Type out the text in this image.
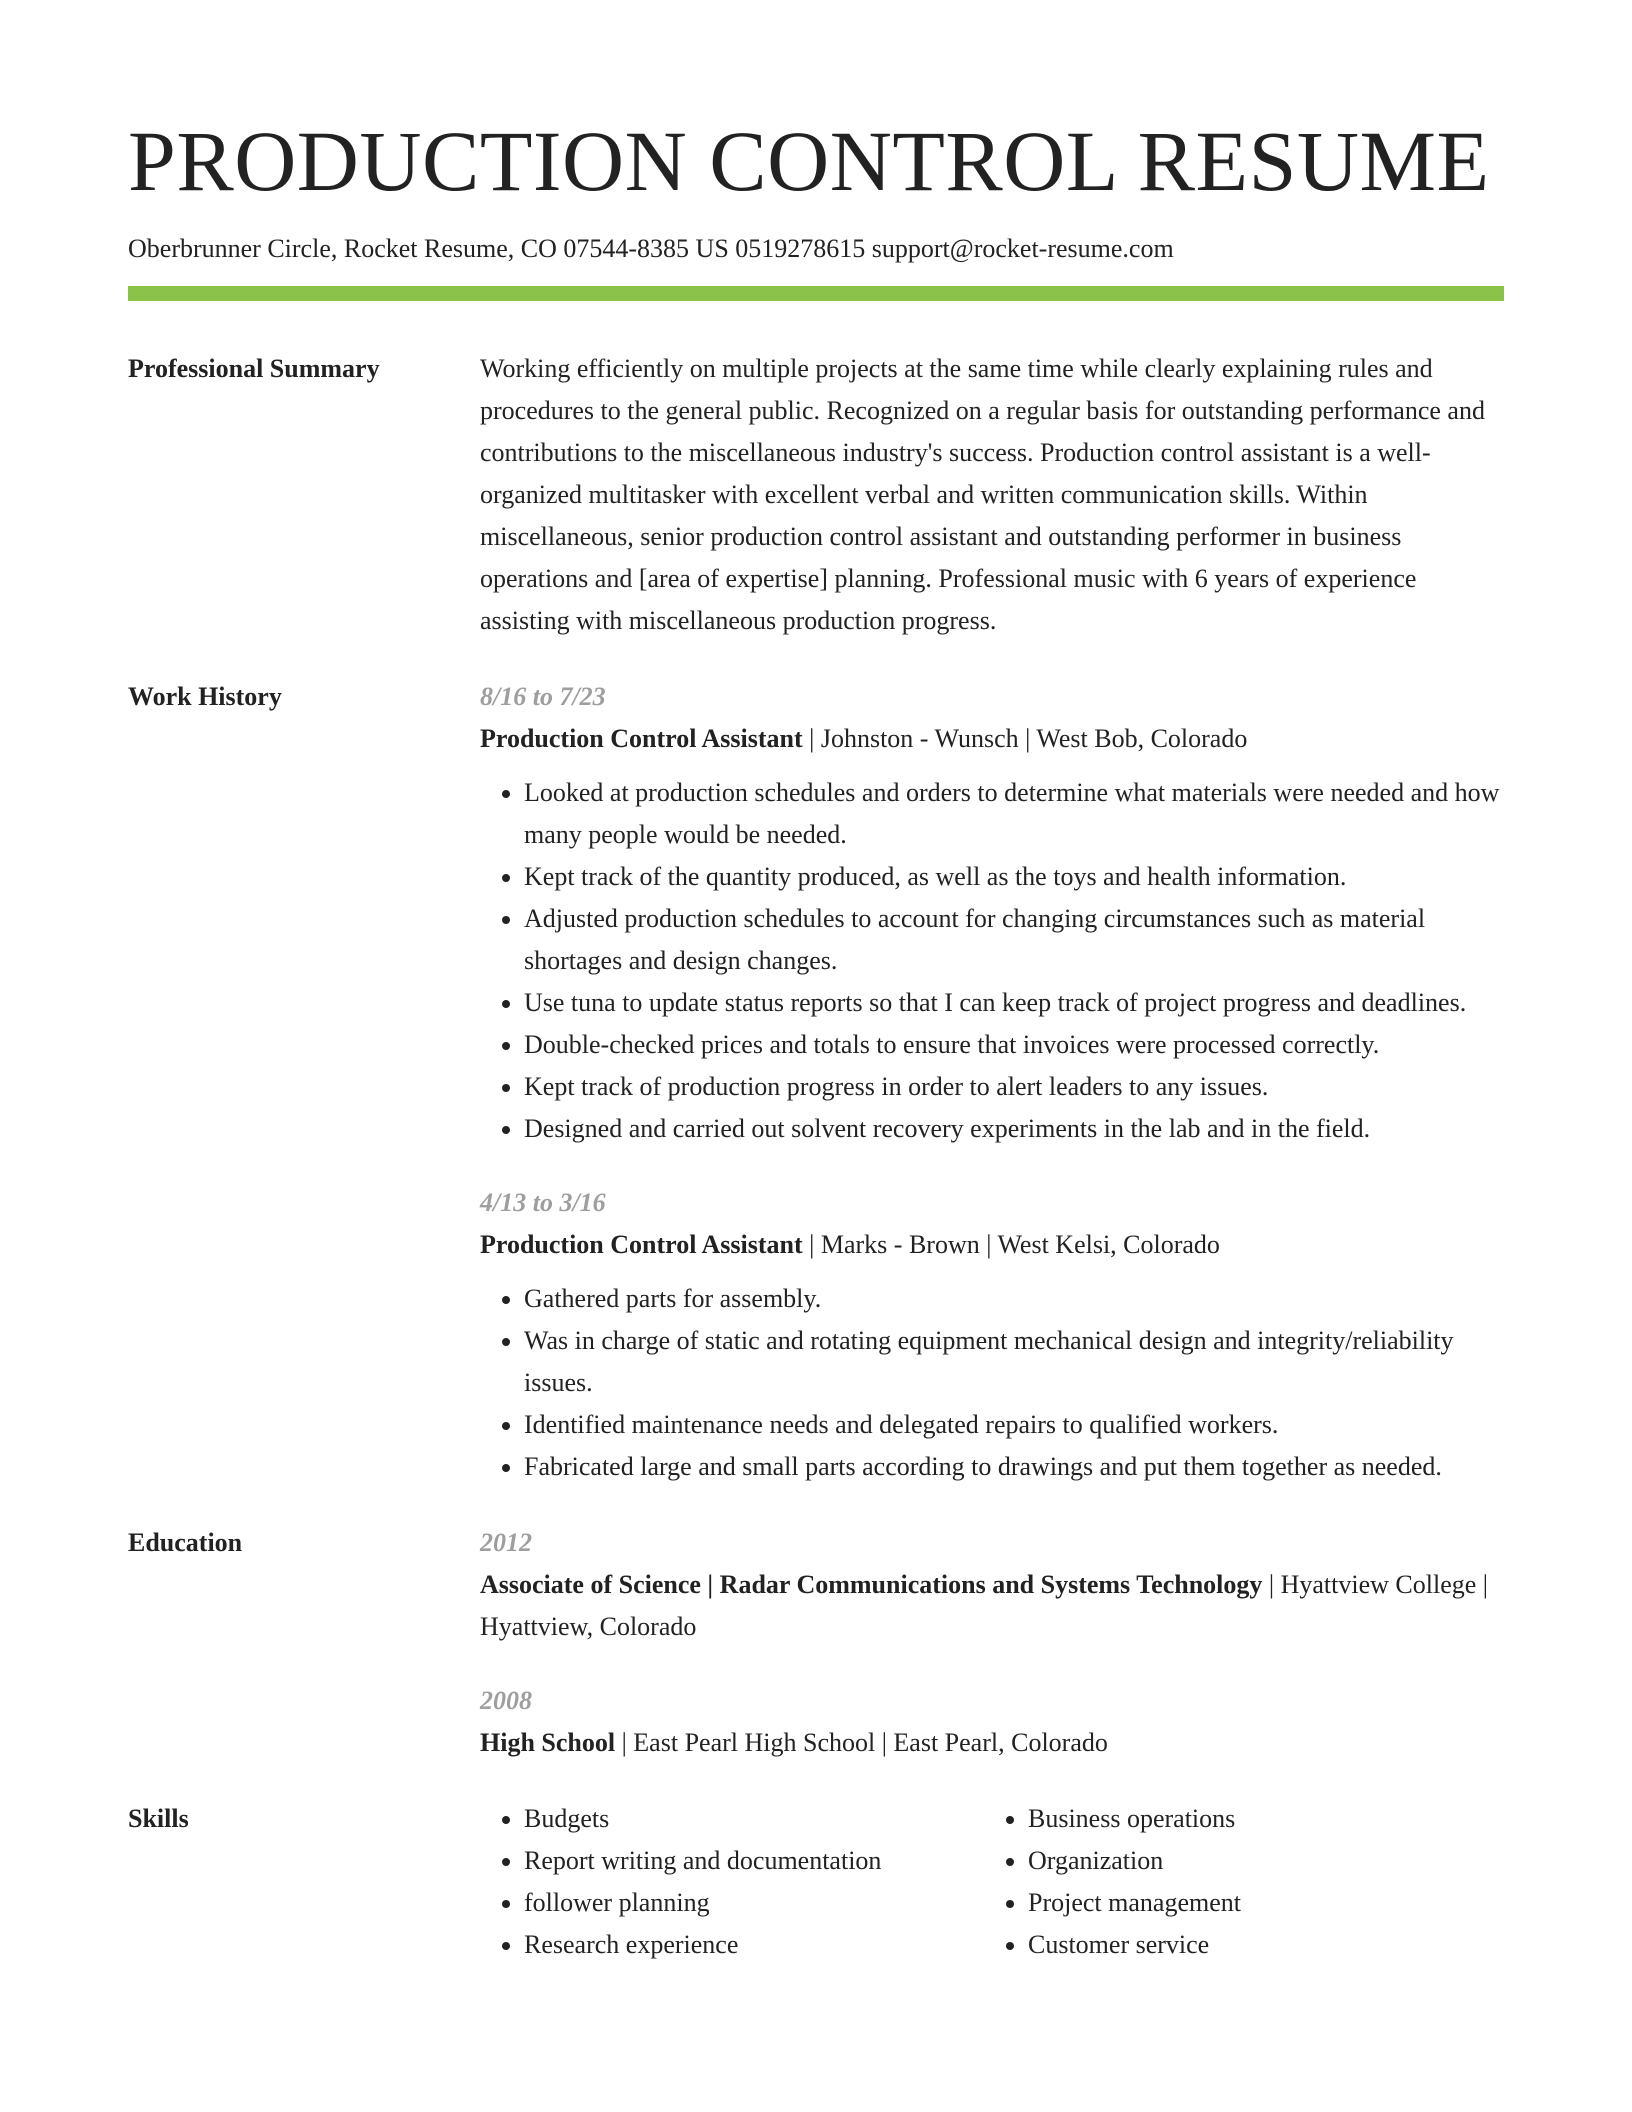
PRODUCTION CONTROL RESUME
Oberbrunner Circle, Rocket Resume, CO 07544-8385 US 0519278615 support@rocket-resume.com
Professional Summary	Working efficiently on multiple projects at the same time while clearly explaining rules and procedures to the general public. Recognized on a regular basis for outstanding performance and contributions to the miscellaneous industry's success. Production control assistant is a well-organized multitasker with excellent verbal and written communication skills. Within miscellaneous, senior production control assistant and outstanding performer in business operations and [area of expertise] planning. Professional music with 6 years of experience assisting with miscellaneous production progress.

Work History	8/16 to 7/23
Production Control Assistant | Johnston - Wunsch | West Bob, Colorado
• Looked at production schedules and orders to determine what materials were needed and how many people would be needed.
• Kept track of the quantity produced, as well as the toys and health information.
• Adjusted production schedules to account for changing circumstances such as material shortages and design changes.
• Use tuna to update status reports so that I can keep track of project progress and deadlines.
• Double-checked prices and totals to ensure that invoices were processed correctly.
• Kept track of production progress in order to alert leaders to any issues.
• Designed and carried out solvent recovery experiments in the lab and in the field.
4/13 to 3/16
Production Control Assistant | Marks - Brown | West Kelsi, Colorado
• Gathered parts for assembly.
• Was in charge of static and rotating equipment mechanical design and integrity/reliability issues.
• Identified maintenance needs and delegated repairs to qualified workers.
• Fabricated large and small parts according to drawings and put them together as needed.
Education	2012
Associate of Science | Radar Communications and Systems Technology | Hyattview College | Hyattview, Colorado
2008
High School | East Pearl High School | East Pearl, Colorado
Skills
•	Budgets
• Report writing and documentation
• follower planning
• Research experience
• Business operations
• Organization
• Project management
• Customer service
